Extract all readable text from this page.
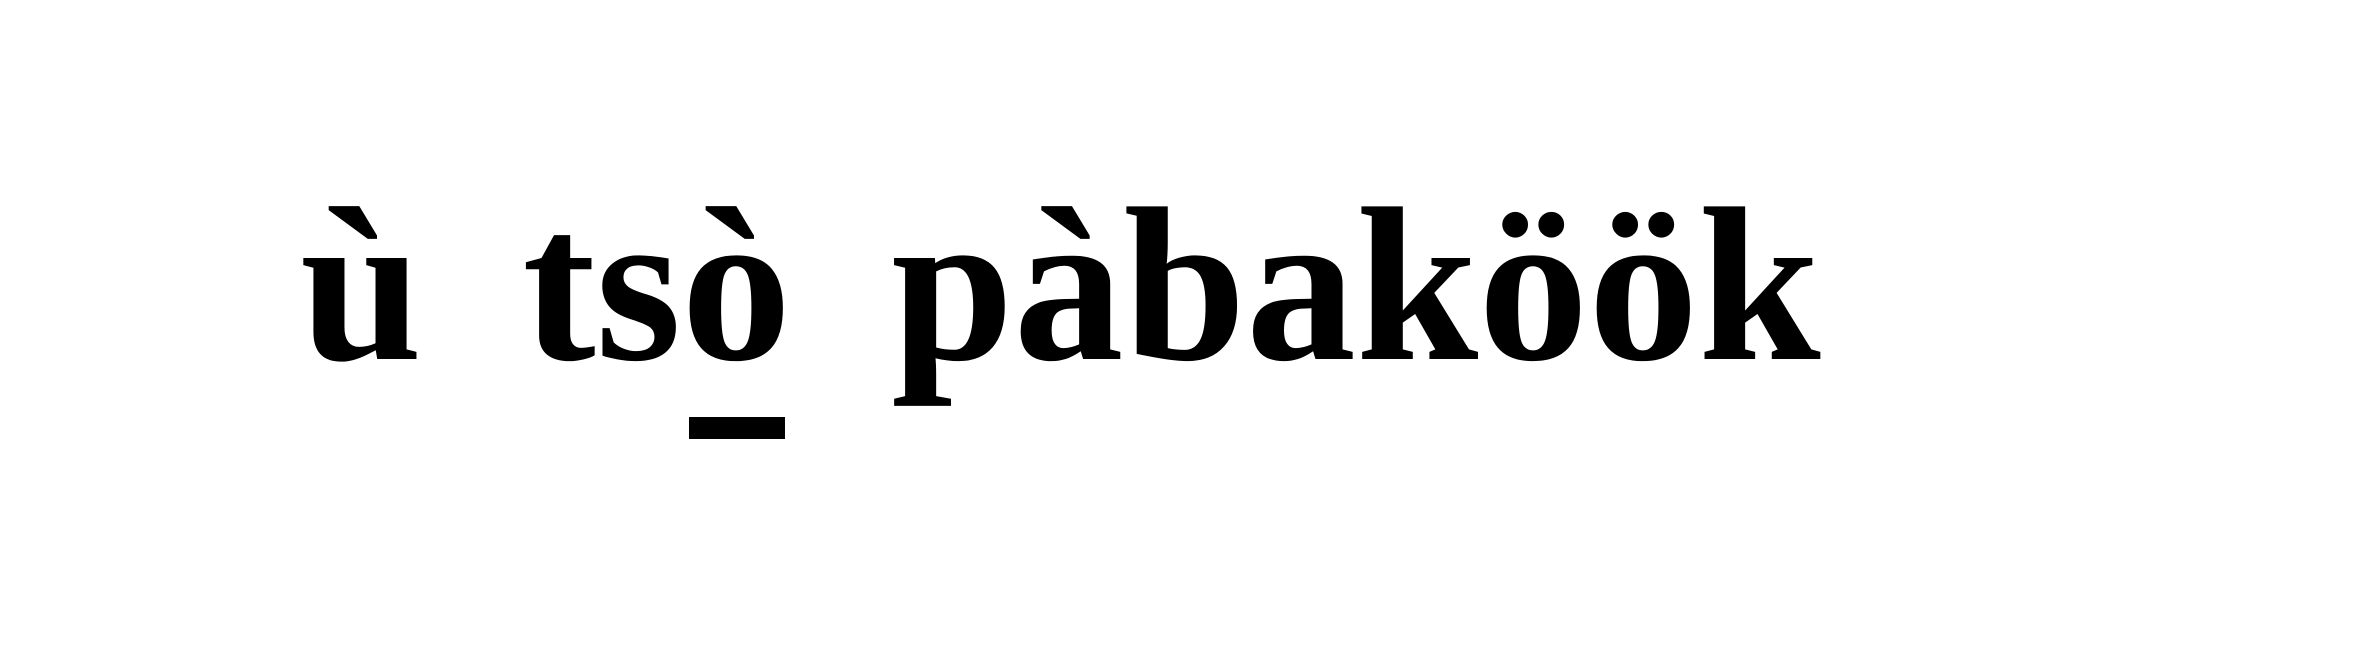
ù tsò pàbaköök
